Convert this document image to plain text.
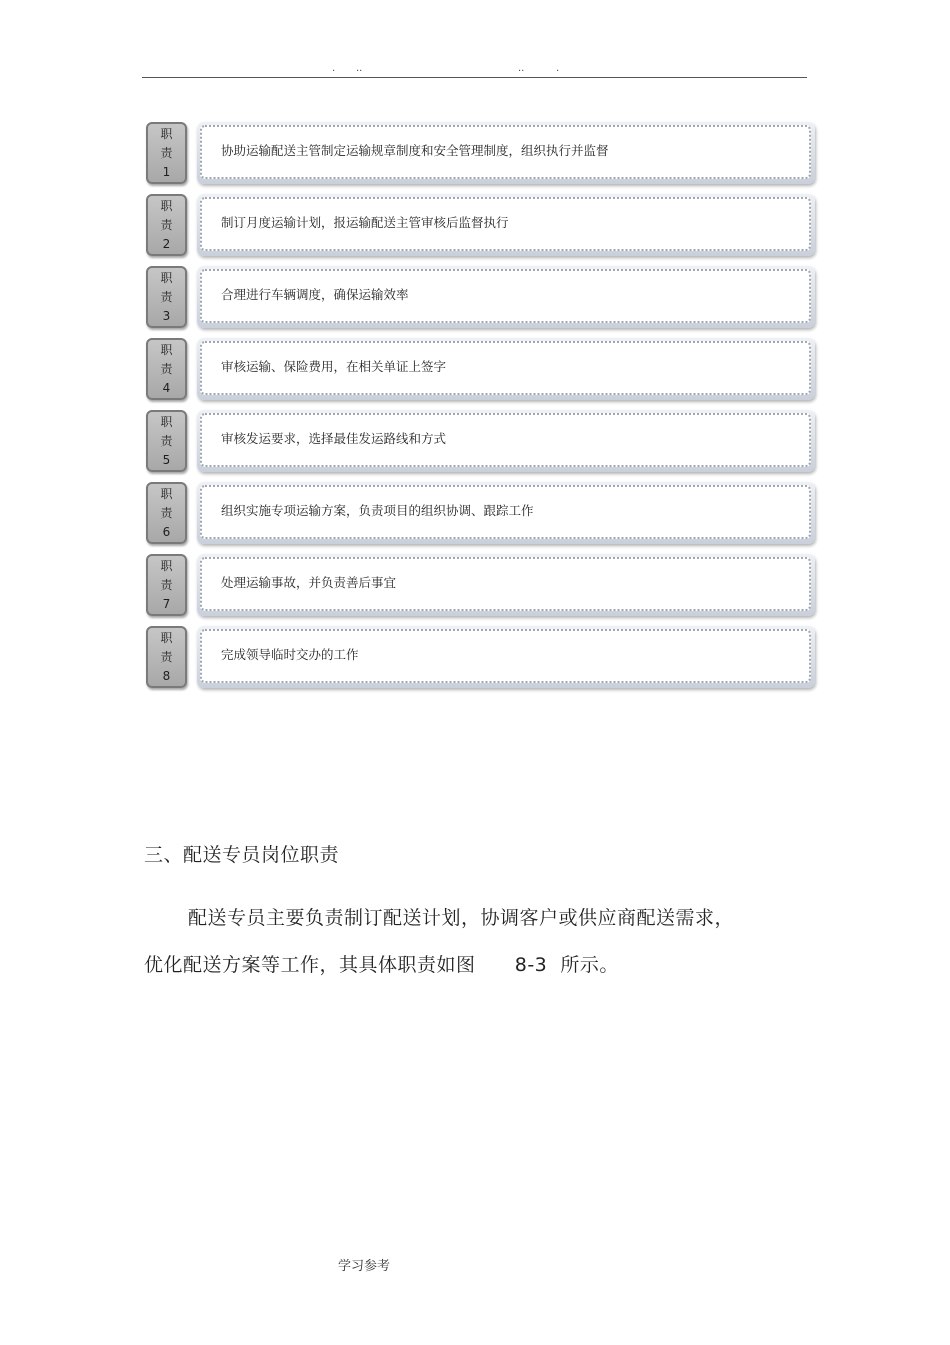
. ..	..	.
职
责
1
协助运输配送主管制定运输规章制度和安全管理制度，组织执行并监督
职
责
2
制订月度运输计划，报运输配送主管审核后监督执行
职
责
3
合理进行车辆调度，确保运输效率
职
责
4
审核运输、保险费用，在相关单证上签字
职
责
5
审核发运要求，选择最佳发运路线和方式
职
责
6
组织实施专项运输方案，负责项目的组织协调、跟踪工作
职
责
7
处理运输事故，并负责善后事宜
职
责
8
完成领导临时交办的工作
三、配送专员岗位职责
配送专员主要负责制订配送计划，协调客户或供应商配送需求，
优化配送方案等工作，其具体职责如图      8-3  所示。
学习参考
